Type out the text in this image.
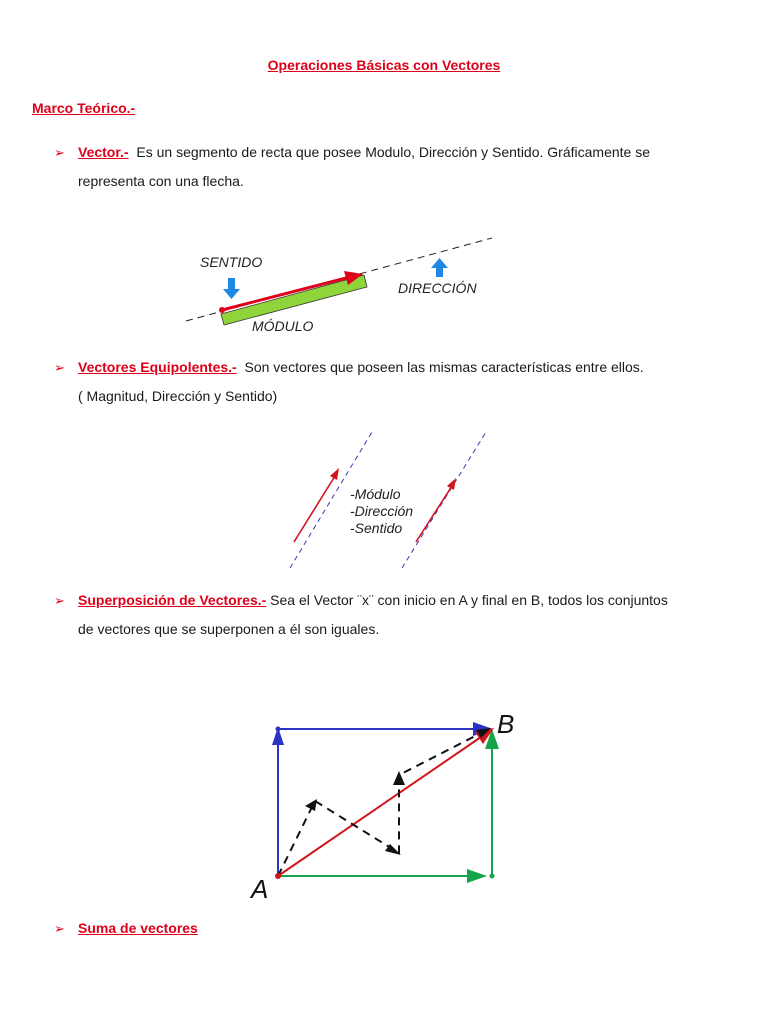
Operaciones Básicas con Vectores
Marco Teórico.-
➢ Vector.- Es un segmento de recta que posee Modulo, Dirección y Sentido. Gráficamente se
representa con una flecha.
SENTIDO
DIRECCIÓN
MÓDULO
➢ Vectores Equipolentes.- Son vectores que poseen las mismas características entre ellos.
( Magnitud, Dirección y Sentido)
-Módulo
-Dirección
-Sentido
➢ Superposición de Vectores.- Sea el Vector ¨x¨ con inicio en A y final en B, todos los conjuntos
de vectores que se superponen a él son iguales.
A
B
➢ Suma de vectores
